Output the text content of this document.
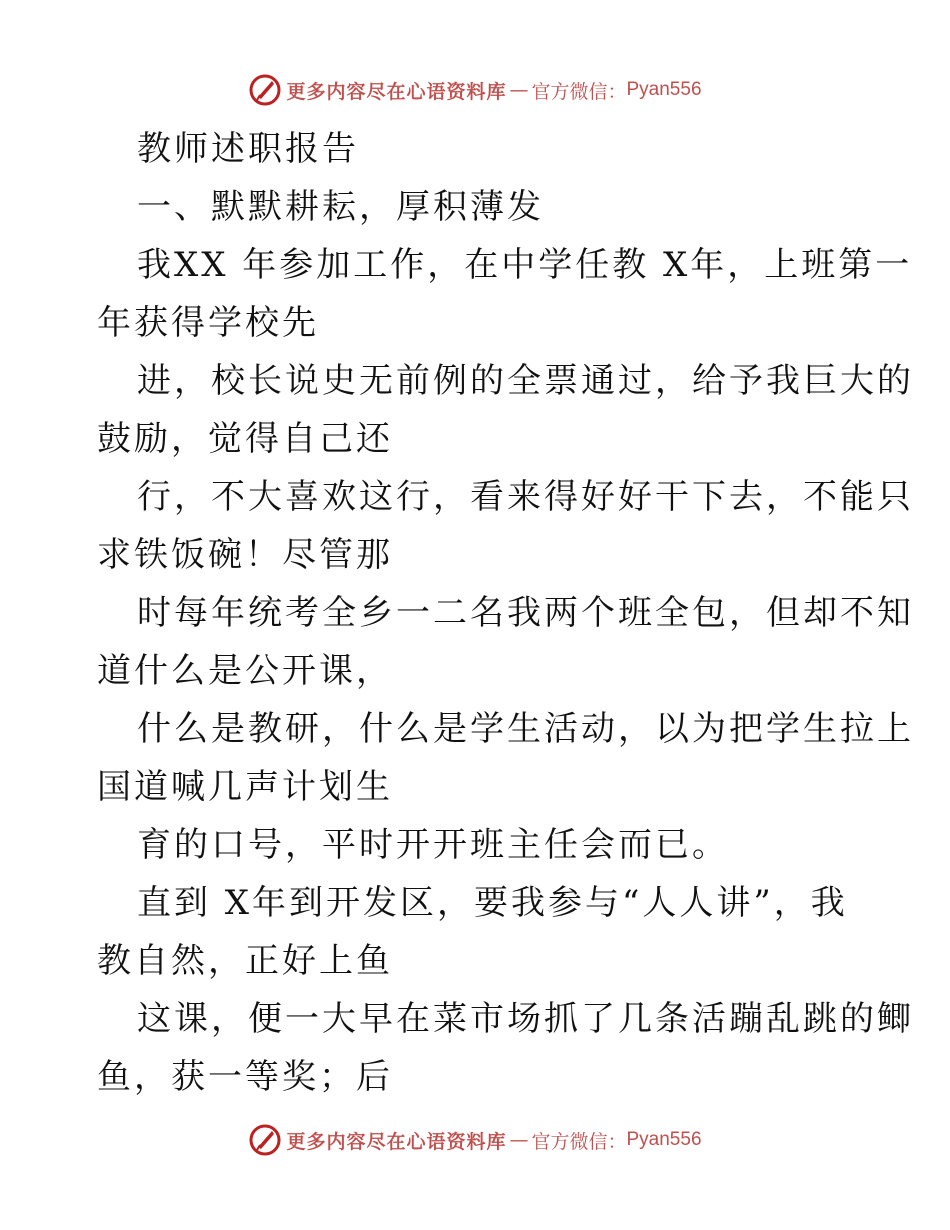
更多内容尽在心语资料库 — 官方微信： Pyan556

教师述职报告

一、默默耕耘，厚积薄发

我XX 年参加工作，在中学任教 X年，上班第一

年获得学校先

进，校长说史无前例的全票通过，给予我巨大的

鼓励，觉得自己还

行，不大喜欢这行，看来得好好干下去，不能只

求铁饭碗！尽管那

时每年统考全乡一二名我两个班全包，但却不知

道什么是公开课，

什么是教研，什么是学生活动，以为把学生拉上

国道喊几声计划生

育的口号，平时开开班主任会而已。

直到 X年到开发区，要我参与“人人讲”，我

教自然，正好上鱼

这课，便一大早在菜市场抓了几条活蹦乱跳的鲫

鱼，获一等奖；后

更多内容尽在心语资料库 — 官方微信： Pyan556
